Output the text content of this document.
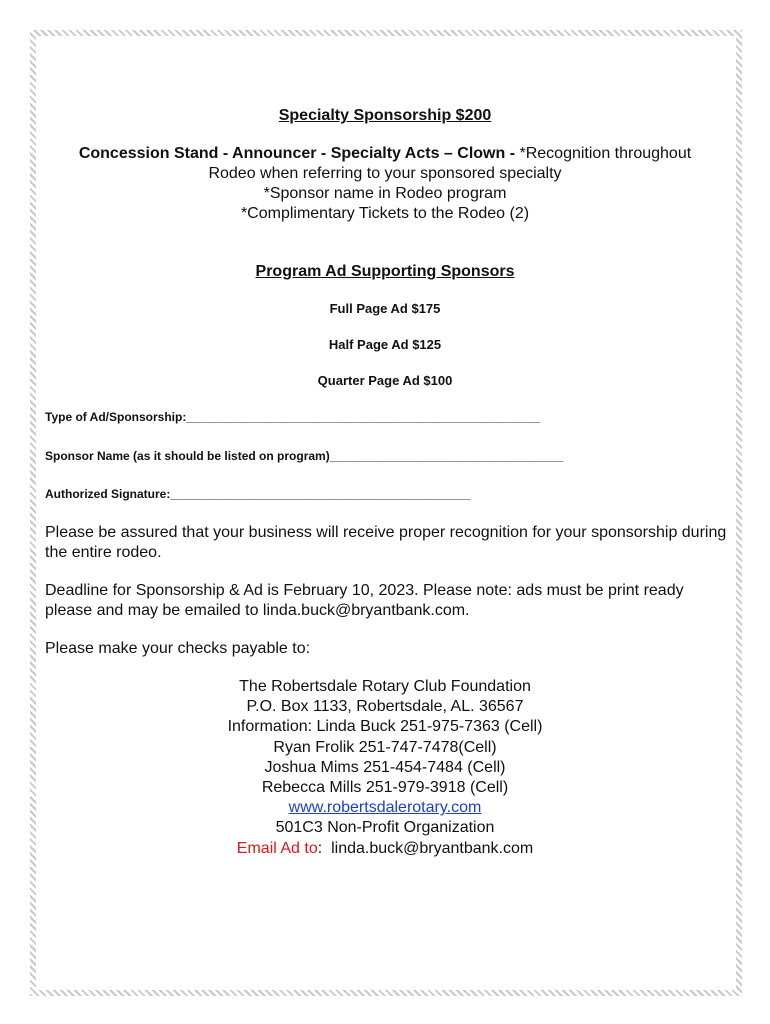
Specialty Sponsorship $200
Concession Stand - Announcer - Specialty Acts – Clown - *Recognition throughout
Rodeo when referring to your sponsored specialty
*Sponsor name in Rodeo program
*Complimentary Tickets to the Rodeo (2)
Program Ad Supporting Sponsors
Full Page Ad $175
Half Page Ad $125
Quarter Page Ad $100
Type of Ad/Sponsorship:_____________________________________________________
Sponsor Name (as it should be listed on program)___________________________________
Authorized Signature:_____________________________________________
Please be assured that your business will receive proper recognition for your sponsorship during the entire rodeo.
Deadline for Sponsorship & Ad is February 10, 2023. Please note: ads must be print ready please and may be emailed to linda.buck@bryantbank.com.
Please make your checks payable to:
The Robertsdale Rotary Club Foundation
P.O. Box 1133, Robertsdale, AL. 36567
Information: Linda Buck 251-975-7363 (Cell)
Ryan Frolik 251-747-7478(Cell)
Joshua Mims 251-454-7484 (Cell)
Rebecca Mills 251-979-3918 (Cell)
www.robertsdalerotary.com
501C3 Non-Profit Organization
Email Ad to:  linda.buck@bryantbank.com
